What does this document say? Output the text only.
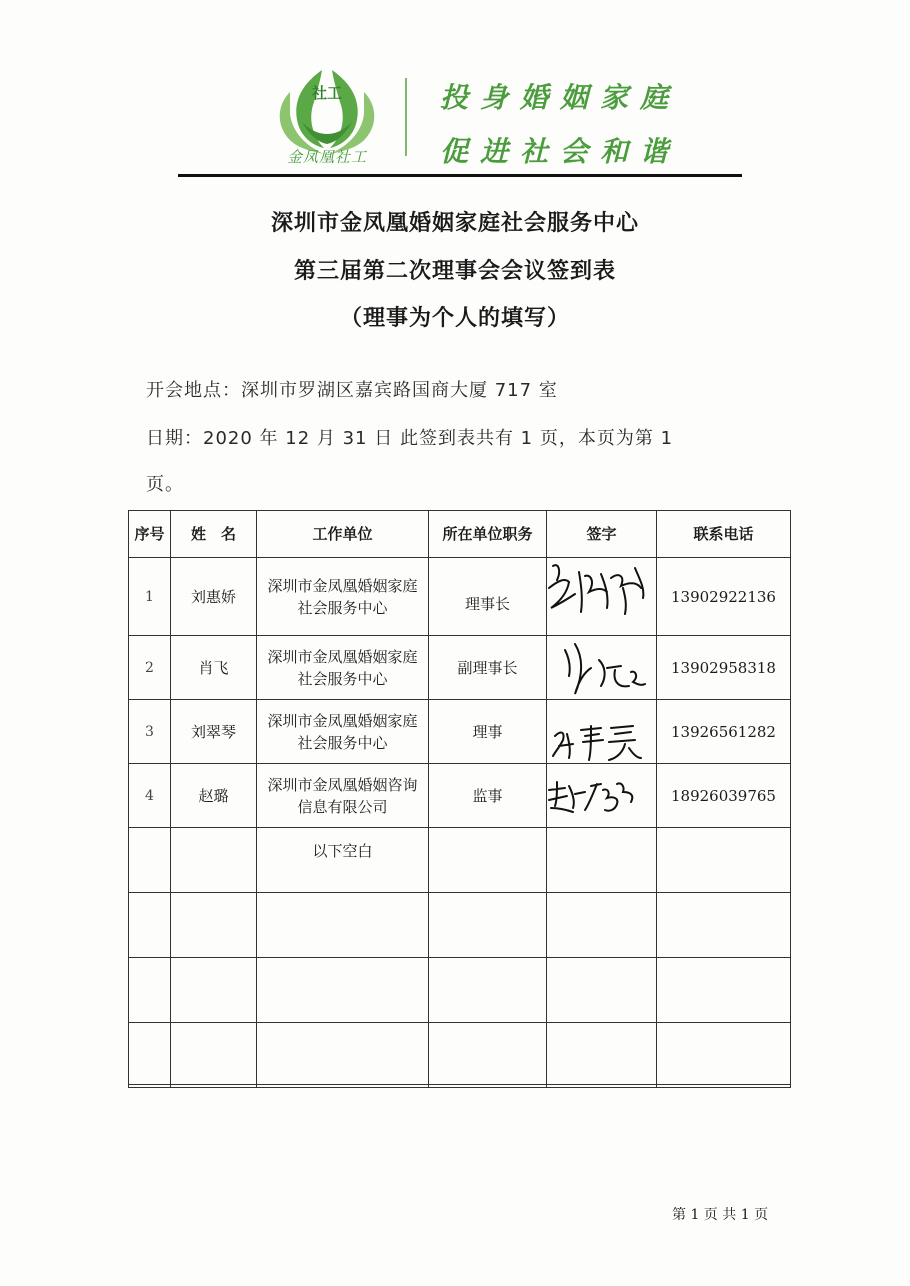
社工
金凤凰社工
投身婚姻家庭
促进社会和谐
深圳市金凤凰婚姻家庭社会服务中心
第三届第二次理事会会议签到表
（理事为个人的填写）
开会地点：深圳市罗湖区嘉宾路国商大厦 717 室
日期：2020 年 12 月 31 日 此签到表共有 1 页，本页为第 1
页。
序号	姓　名	工作单位	所在单位职务	签字	联系电话
1	刘惠娇	深圳市金凤凰婚姻家庭社会服务中心	理事长		13902922136
2	肖飞	深圳市金凤凰婚姻家庭社会服务中心	副理事长		13902958318
3	刘翠琴	深圳市金凤凰婚姻家庭社会服务中心	理事		13926561282
4	赵璐	深圳市金凤凰婚姻咨询信息有限公司	监事		18926039765

		以下空白			

第 1 页 共 1 页
